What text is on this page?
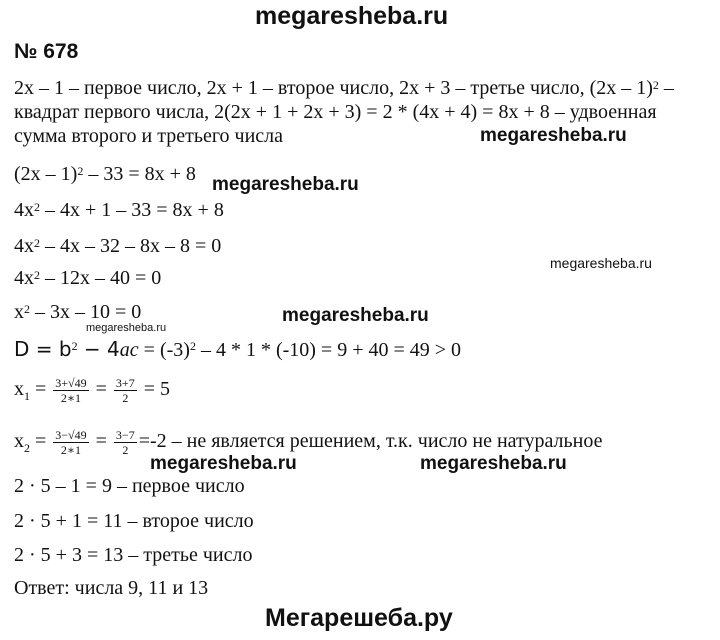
megaresheba.ru
megaresheba.ru
megaresheba.ru
megaresheba.ru
megaresheba.ru
megaresheba.ru
megaresheba.ru	megaresheba.ru
Мегарешеба.ру
№ 678
2x – 1 – первое число, 2x + 1 – второе число, 2x + 3 – третье число, (2x – 1)$^2$ –
квадрат первого числа, 2(2x + 1 + 2x + 3) = 2 * (4x + 4) = 8x + 8 – удвоенная
сумма второго и третьего числа
(2x – 1)$^2$ – 33 = 8x + 8
$4x^2 - 4x + 1 - 33 = 8x + 8$
$4x^2 - 4x - 32 - 8x - 8 = 0$
$4x^2 - 12x - 40 = 0$
$x^2 - 3x - 10 = 0$
$D = b^2 - 4ac = (-3)^2 - 4 * 1 * (-10) = 9 + 40 = 49 > 0$
$x_1 = \frac{3+√49}{2∗1} = \frac{3+7}{2} = 5$
$x_2 = \frac{3-√49}{2∗1} = \frac{3-7}{2} =-2$ – не является решением, т.к. число не натуральное
2 · 5 – 1 = 9 – первое число
2 · 5 + 1 = 11 – второе число
2 · 5 + 3 = 13 – третье число
Ответ: числа 9, 11 и 13
